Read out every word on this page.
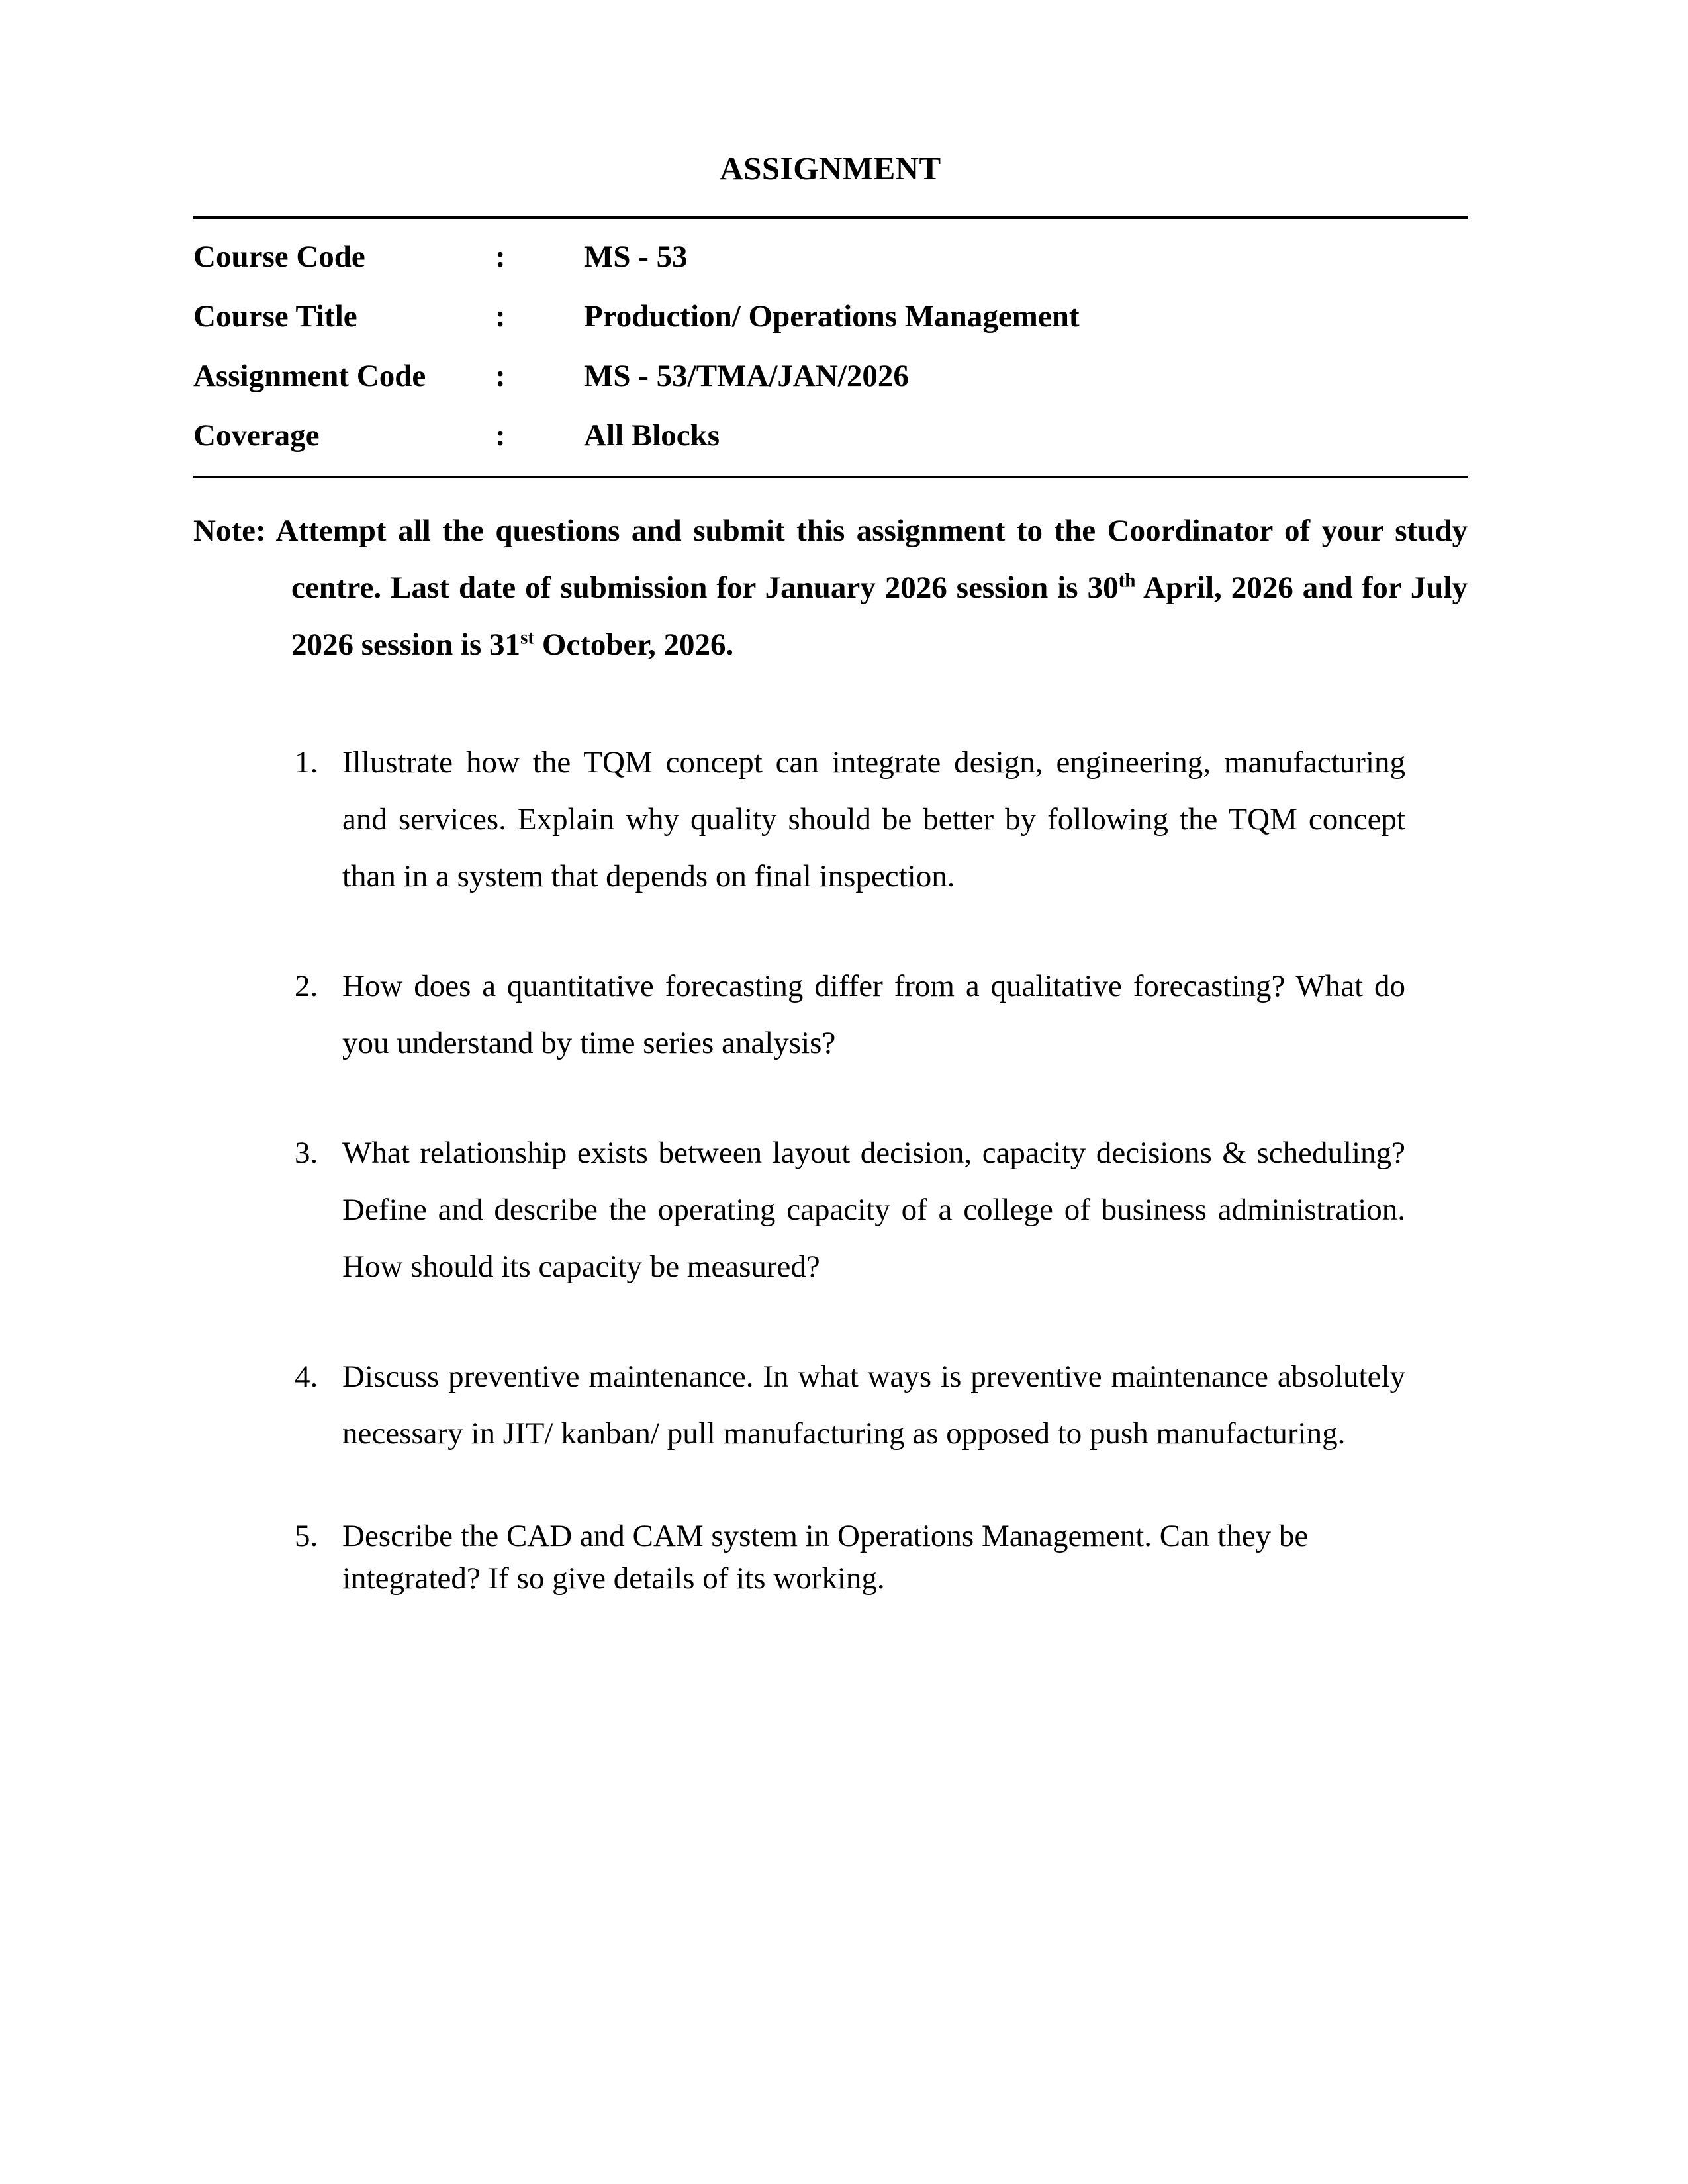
ASSIGNMENT
Course Code	:	MS - 53
Course Title	:	Production/ Operations Management
Assignment Code	:	MS - 53/TMA/JAN/2026
Coverage	:	All Blocks

Note: Attempt all the questions and submit this assignment to the Coordinator of your study centre. Last date of submission for January 2026 session is 30th April, 2026 and for July 2026 session is 31st October, 2026.

1. Illustrate how the TQM concept can integrate design, engineering, manufacturing and services. Explain why quality should be better by following the TQM concept than in a system that depends on final inspection.
2. How does a quantitative forecasting differ from a qualitative forecasting? What do you understand by time series analysis?
3. What relationship exists between layout decision, capacity decisions & scheduling? Define and describe the operating capacity of a college of business administration. How should its capacity be measured?
4. Discuss preventive maintenance. In what ways is preventive maintenance absolutely necessary in JIT/ kanban/ pull manufacturing as opposed to push manufacturing.
5. Describe the CAD and CAM system in Operations Management. Can they be integrated? If so give details of its working.
